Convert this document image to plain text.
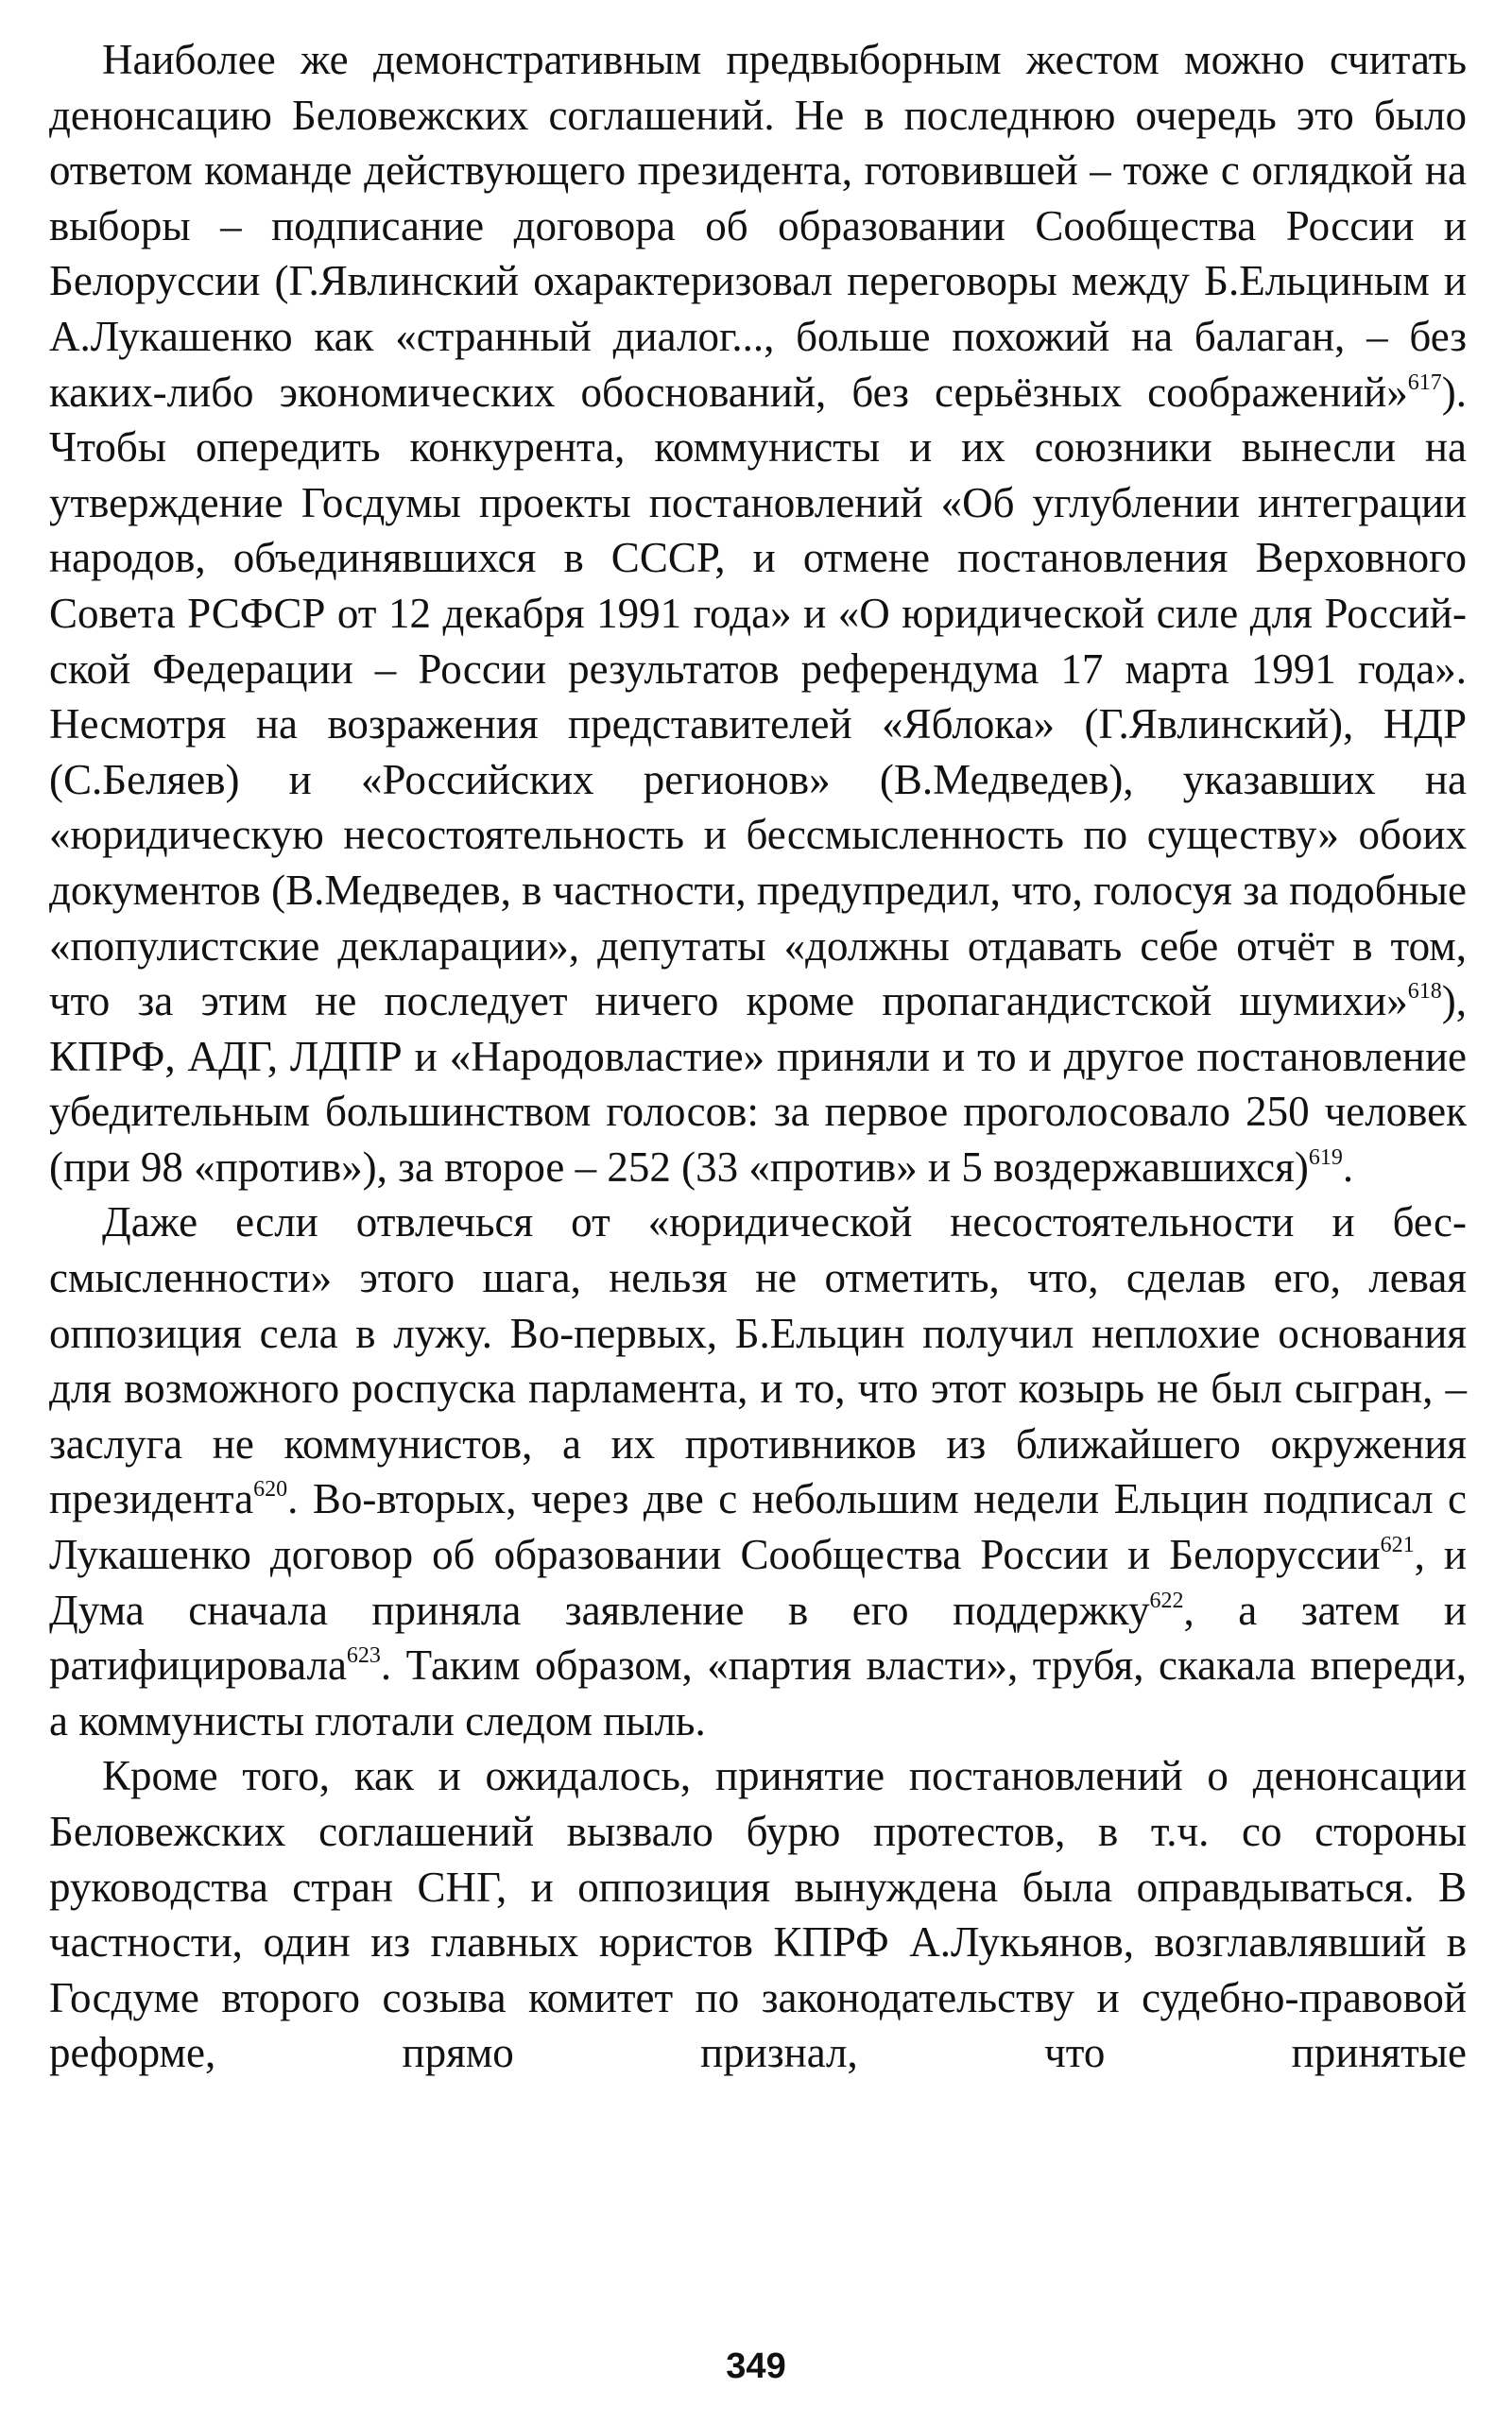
Наиболее же демонстративным предвыборным жестом можно считать денонсацию Беловежских соглашений. Не в последнюю очередь это было ответом команде действующего президента, готовившей – тоже с оглядкой на выборы – подписание договора об образовании Сообщества России и Белоруссии (Г.Явлинский охарактеризовал переговоры между Б.Ельциным и А.Лукашенко как «странный диалог..., больше похожий на балаган, – без каких-либо экономических обоснований, без серьёзных соображений»$^{617}$). Чтобы опередить конкурента, коммунисты и их союзники вынесли на утверждение Госдумы проекты постановлений «Об углублении интеграции народов, объединявшихся в СССР, и отмене постановления Верховного Совета РСФСР от 12 декабря 1991 года» и «О юридической силе для Российской Федерации – России результатов референдума 17 марта 1991 года». Несмотря на возражения представителей «Яблока» (Г.Явлинский), НДР (С.Беляев) и «Российских регионов» (В.Медведев), указавших на «юридическую несостоятельность и бессмысленность по существу» обоих документов (В.Медведев, в частности, предупредил, что, голосуя за подобные «популистские декларации», депутаты «должны отдавать себе отчёт в том, что за этим не последует ничего кроме пропагандистской шумихи»$^{618}$), КПРФ, АДГ, ЛДПР и «Народовластие» приняли и то и другое постановление убедительным большинством голосов: за первое проголосовало 250 человек (при 98 «против»), за второе – 252 (33 «против» и 5 воздержавшихся)$^{619}$.

Даже если отвлечься от «юридической несостоятельности и бессмысленности» этого шага, нельзя не отметить, что, сделав его, левая оппозиция села в лужу. Во-первых, Б.Ельцин получил неплохие основания для возможного роспуска парламента, и то, что этот козырь не был сыгран, – заслуга не коммунистов, а их противников из ближайшего окружения президента$^{620}$. Во-вторых, через две с небольшим недели Ельцин подписал с Лукашенко договор об образовании Сообщества России и Белоруссии$^{621}$, и Дума сначала приняла заявление в его поддержку$^{622}$, а затем и ратифицировала$^{623}$. Таким образом, «партия власти», трубя, скакала впереди, а коммунисты глотали следом пыль.

Кроме того, как и ожидалось, принятие постановлений о денонсации Беловежских соглашений вызвало бурю протестов, в т.ч. со стороны руководства стран СНГ, и оппозиция вынуждена была оправдываться. В частности, один из главных юристов КПРФ А.Лукьянов, возглавлявший в Госдуме второго созыва комитет по законодательству и судебно-правовой реформе, прямо признал, что принятые

349
